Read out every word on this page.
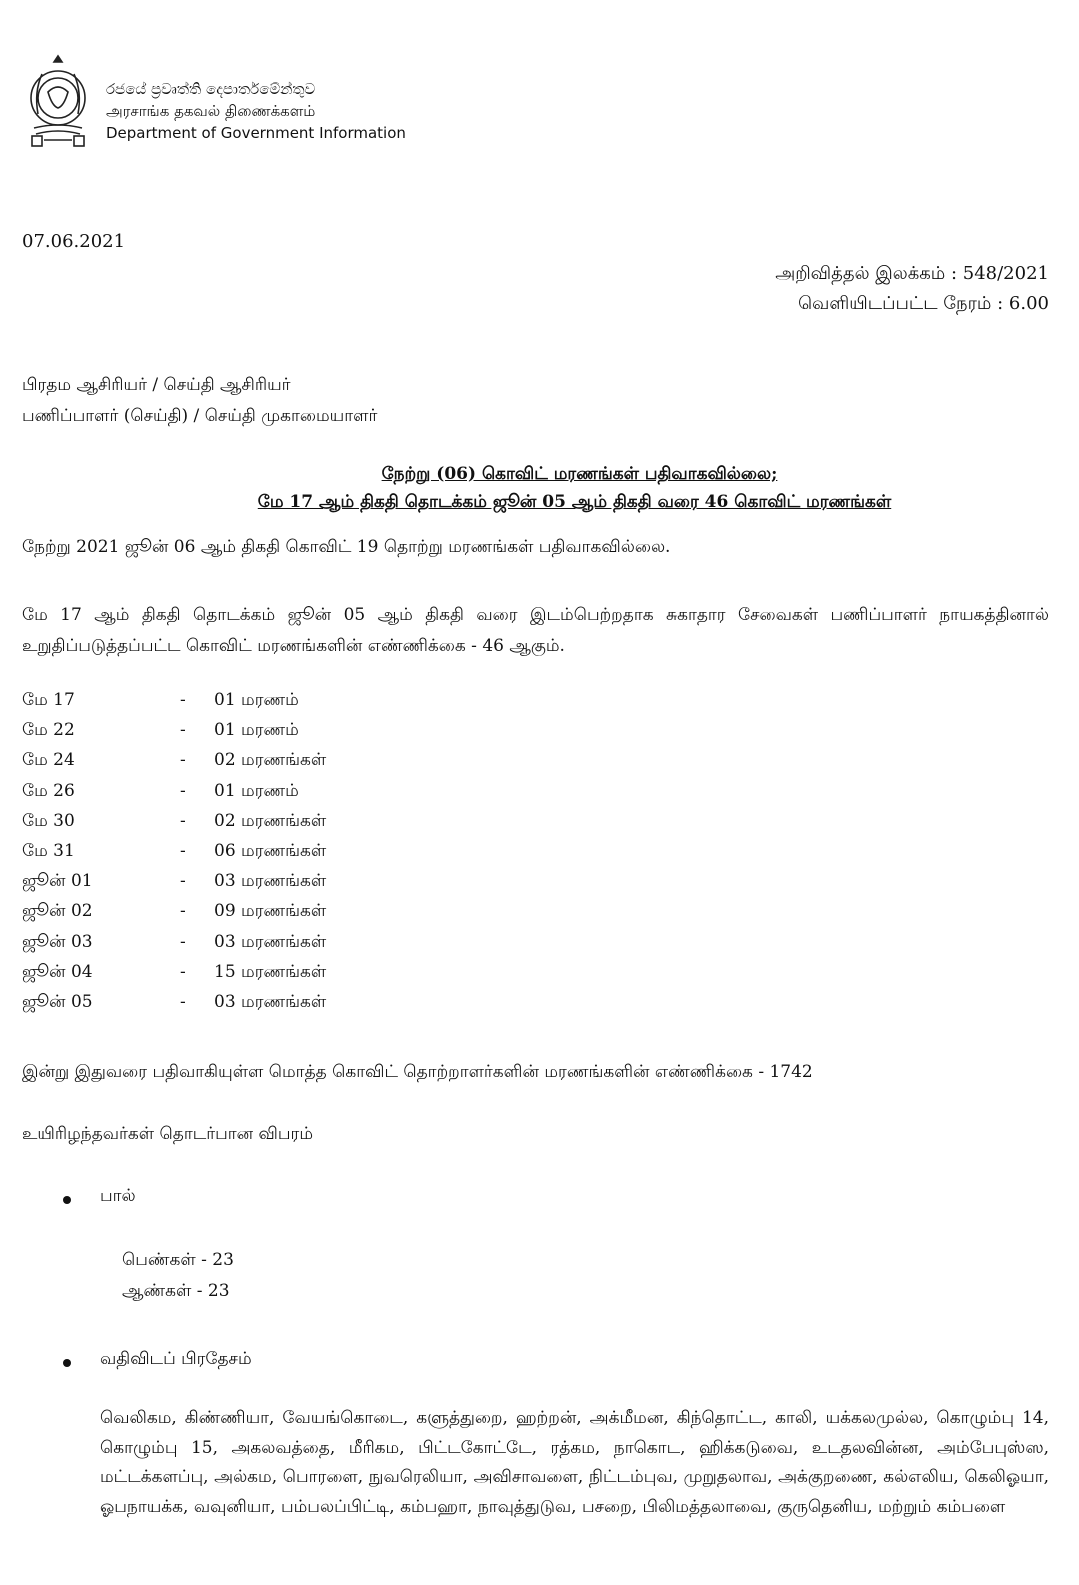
රජයේ ප්‍රවෘත්ති දෙපාර්තමේන්තුව
அரசாங்க தகவல் திணைக்களம்
Department of Government Information
07.06.2021
அறிவித்தல் இலக்கம் : 548/2021
வெளியிடப்பட்ட நேரம் : 6.00
பிரதம ஆசிரியர் / செய்தி ஆசிரியர்
பணிப்பாளர் (செய்தி) / செய்தி முகாமையாளர்
நேற்று (06) கொவிட் மரணங்கள் பதிவாகவில்லை;
மே 17 ஆம் திகதி தொடக்கம் ஜூன் 05 ஆம் திகதி வரை 46 கொவிட் மரணங்கள்
நேற்று 2021 ஜூன் 06 ஆம் திகதி கொவிட் 19 தொற்று மரணங்கள் பதிவாகவில்லை.
மே 17 ஆம் திகதி தொடக்கம் ஜூன் 05 ஆம் திகதி வரை இடம்பெற்றதாக சுகாதார சேவைகள் பணிப்பாளர் நாயகத்தினால் உறுதிப்படுத்தப்பட்ட கொவிட் மரணங்களின் எண்ணிக்கை - 46 ஆகும்.
மே 17	- 01 மரணம்
மே 22	- 01 மரணம்
மே 24	- 02 மரணங்கள்
மே 26	- 01 மரணம்
மே 30	- 02 மரணங்கள்
மே 31	- 06 மரணங்கள்
ஜூன் 01	- 03 மரணங்கள்
ஜூன் 02	- 09 மரணங்கள்
ஜூன் 03	- 03 மரணங்கள்
ஜூன் 04	- 15 மரணங்கள்
ஜூன் 05	- 03 மரணங்கள்
இன்று இதுவரை பதிவாகியுள்ள மொத்த கொவிட் தொற்றாளர்களின் மரணங்களின் எண்ணிக்கை - 1742
உயிரிழந்தவர்கள் தொடர்பான விபரம்
பால்
பெண்கள் - 23
ஆண்கள் - 23
வதிவிடப் பிரதேசம்
வெலிகம, கிண்ணியா, வேயங்கொடை, களுத்துறை, ஹற்றன், அக்மீமன, கிந்தொட்ட, காலி, யக்கலமுல்ல, கொழும்பு 14, கொழும்பு 15, அகலவத்தை, மீரிகம, பிட்டகோட்டே, ரத்கம, நாகொட, ஹிக்கடுவை, உடதலவின்ன, அம்பேபுஸ்ஸ, மட்டக்களப்பு, அல்கம, பொரளை, நுவரெலியா, அவிசாவளை, நிட்டம்புவ, முறுதலாவ, அக்குறணை, கல்எலிய, கெலிஓயா, ஓபநாயக்க, வவுனியா, பம்பலப்பிட்டி, கம்பஹா, நாவுத்துடுவ, பசறை, பிலிமத்தலாவை, குருதெனிய, மற்றும் கம்பளை
